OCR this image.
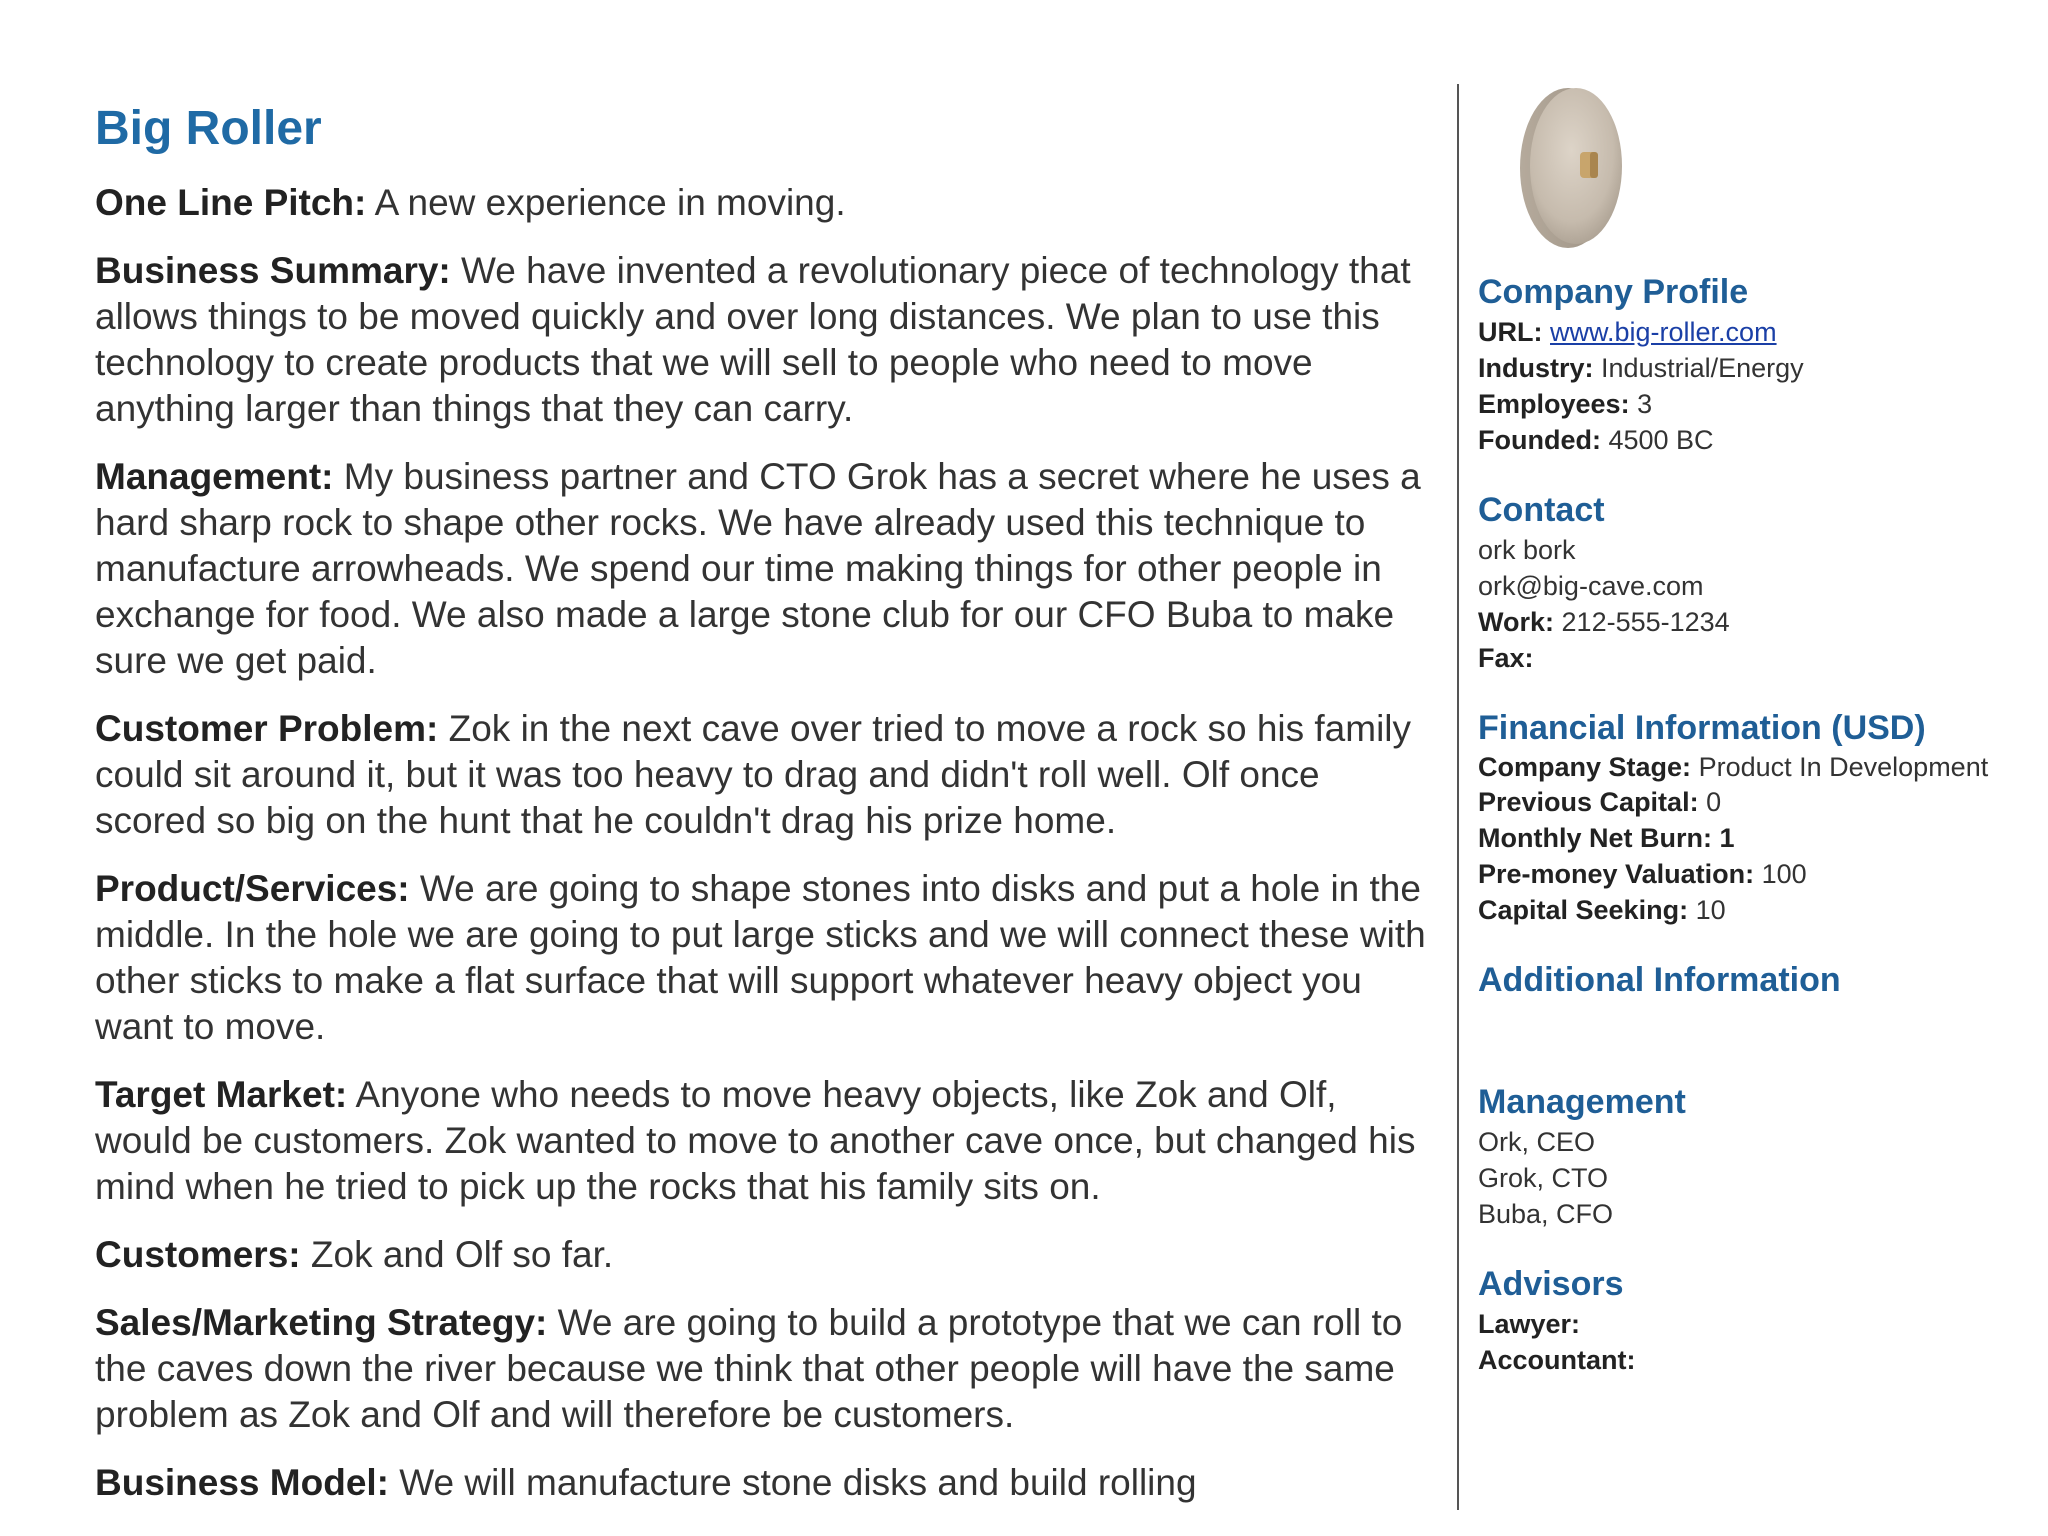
Big Roller

One Line Pitch: A new experience in moving.

Business Summary: We have invented a revolutionary piece of technology that allows things to be moved quickly and over long distances. We plan to use this technology to create products that we will sell to people who need to move anything larger than things that they can carry.

Management: My business partner and CTO Grok has a secret where he uses a hard sharp rock to shape other rocks. We have already used this technique to manufacture arrowheads. We spend our time making things for other people in exchange for food. We also made a large stone club for our CFO Buba to make sure we get paid.

Customer Problem: Zok in the next cave over tried to move a rock so his family could sit around it, but it was too heavy to drag and didn't roll well. Olf once scored so big on the hunt that he couldn't drag his prize home.

Product/Services: We are going to shape stones into disks and put a hole in the middle. In the hole we are going to put large sticks and we will connect these with other sticks to make a flat surface that will support whatever heavy object you want to move.

Target Market: Anyone who needs to move heavy objects, like Zok and Olf, would be customers. Zok wanted to move to another cave once, but changed his mind when he tried to pick up the rocks that his family sits on.

Customers: Zok and Olf so far.

Sales/Marketing Strategy: We are going to build a prototype that we can roll to the caves down the river because we think that other people will have the same problem as Zok and Olf and will therefore be customers.

Business Model: We will manufacture stone disks and build rolling

Company Profile
URL: www.big-roller.com
Industry: Industrial/Energy
Employees: 3
Founded: 4500 BC
Contact
ork bork
ork@big-cave.com
Work: 212-555-1234
Fax:
Financial Information (USD)
Company Stage: Product In Development
Previous Capital: 0
Monthly Net Burn: 1
Pre-money Valuation: 100
Capital Seeking: 10
Additional Information
Management
Ork, CEO
Grok, CTO
Buba, CFO
Advisors
Lawyer:
Accountant:
